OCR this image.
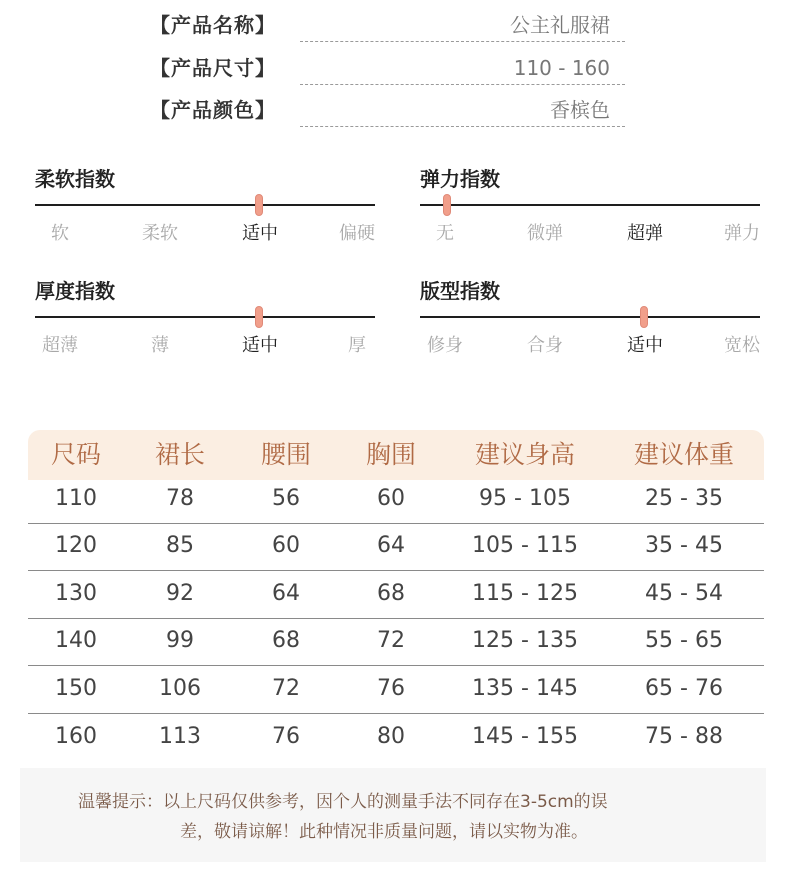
【产品名称】	公主礼服裙
【产品尺寸】	110 - 160
【产品颜色】	香槟色
柔软指数
软	柔软	适中	偏硬
弹力指数
无	微弹	超弹	弹力
厚度指数
超薄	薄	适中	厚
版型指数
修身	合身	适中	宽松
尺码 裙长 腰围 胸围 建议身高 建议体重
110	78	56	60	95 - 105	25 - 35
120	85	60	64	105 - 115	35 - 45
130	92	64	68	115 - 125	45 - 54
140	99	68	72	125 - 135	55 - 65
150	106	72	76	135 - 145	65 - 76
160	113	76	80	145 - 155	75 - 88
温馨提示：以上尺码仅供参考，因个人的测量手法不同存在3-5cm的误
差，敬请谅解！此种情况非质量问题，请以实物为准。
